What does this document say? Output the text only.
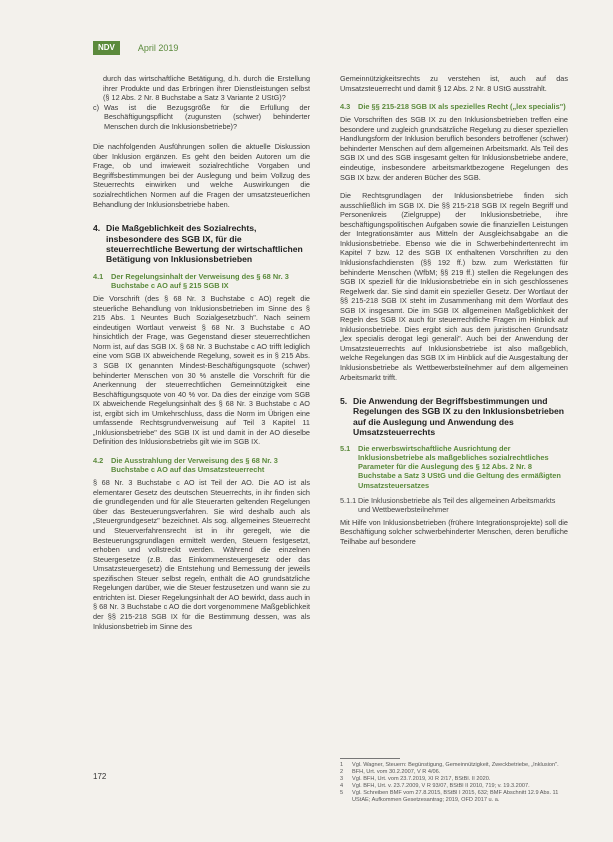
NDV	April 2019

durch das wirtschaftliche Betätigung, d.h. durch die Erstellung ihrer Produkte und das Erbringen ihrer Dienstleistungen selbst (§ 12 Abs. 2 Nr. 8 Buchstabe a Satz 3 Variante 2 UStG)?

c) Was ist die Bezugsgröße für die Erfüllung der Beschäftigungspflicht (zugunsten (schwer) behinderter Menschen durch die Inklusionsbetriebe)?

Die nachfolgenden Ausführungen sollen die aktuelle Diskussion über Inklusion ergänzen. Es geht den beiden Autoren um die Frage, ob und inwieweit sozialrechtliche Vorgaben und Begriffsbestimmungen bei der Auslegung und beim Vollzug des Steuerrechts einwirken und welche Auswirkungen die sozialrechtlichen Normen auf die Fragen der umsatzsteuerlichen Behandlung der Inklusionsbetriebe haben.

4. Die Maßgeblichkeit des Sozialrechts, insbesondere des SGB IX, für die steuerrechtliche Bewertung der wirtschaftlichen Betätigung von Inklusionsbetrieben
4.1	Der Regelungsinhalt der Verweisung des § 68 Nr. 3 Buchstabe c AO auf § 215 SGB IX

Die Vorschrift (des § 68 Nr. 3 Buchstabe c AO) regelt die steuerliche Behandlung von Inklusionsbetrieben im Sinne des § 215 Abs. 1 Neuntes Buch Sozialgesetzbuch". Nach seinem eindeutigen Wortlaut verweist § 68 Nr. 3 Buchstabe c AO hinsichtlich der Frage, was Gegenstand dieser steuerrechtlichen Norm ist, auf das SGB IX. § 68 Nr. 3 Buchstabe c AO trifft lediglich eine vom SGB IX abweichende Regelung, soweit es in § 215 Abs. 3 SGB IX genannten Mindest-Beschäftigungsquote (schwer) behinderter Menschen von 30 % anstelle die Vorschrift für die Anerkennung der steuerrechtlichen Gemeinnützigkeit eine Beschäftigungsquote von 40 % vor. Da dies der einzige vom SGB IX abweichende Regelungsinhalt des § 68 Nr. 3 Buchstabe c AO ist, ergibt sich im Umkehrschluss, dass die Norm im Übrigen eine umfassende Rechtsgrundverweisung auf Teil 3 Kapitel 11 „Inklusionsbetriebe" des SGB IX ist und damit in der AO dieselbe Definition des Inklusionsbetriebs gilt wie im SGB IX.

4.2	Die Ausstrahlung der Verweisung des § 68 Nr. 3 Buchstabe c AO auf das Umsatzsteuerrecht

§ 68 Nr. 3 Buchstabe c AO ist Teil der AO. Die AO ist als elementarer Gesetz des deutschen Steuerrechts, in ihr finden sich die grundlegenden und für alle Steuerarten geltenden Regelungen über das Besteuerungsverfahren. Sie wird deshalb auch als „Steuergrundgesetz" bezeichnet. Als sog. allgemeines Steuerrecht und Steuerverfahrensrecht ist in ihr geregelt, wie die Besteuerungsgrundlagen ermittelt werden, Steuern festgesetzt, erhoben und vollstreckt werden. Während die einzelnen Steuergesetze (z.B. das Einkommensteuergesetz oder das Umsatzsteuergesetz) die Entstehung und Bemessung der jeweils spezifischen Steuer selbst regeln, enthält die AO grundsätzliche Regelungen darüber, wie die Steuer festzusetzen und wann sie zu entrichten ist. Dieser Regelungsinhalt der AO bewirkt, dass auch in § 68 Nr. 3 Buchstabe c AO die dort vorgenommene Maßgeblichkeit der §§ 215-218 SGB IX für die Bestimmung dessen, was als Inklusionsbetrieb im Sinne des

Gemeinnützigkeitsrechts zu verstehen ist, auch auf das Umsatzsteuerrecht und damit § 12 Abs. 2 Nr. 8 UStG ausstrahlt.

4.3	Die §§ 215-218 SGB IX als spezielles Recht („lex specialis")

Die Vorschriften des SGB IX zu den Inklusionsbetrieben treffen eine besondere und zugleich grundsätzliche Regelung zu dieser speziellen Handlungsform der Inklusion beruflich besonders betroffener (schwer) behinderter Menschen auf dem allgemeinen Arbeitsmarkt. Als Teil des SGB IX und des SGB insgesamt gelten für Inklusionsbetriebe andere, eindeutige, insbesondere arbeitsmarktbezogene Regelungen des SGB IX bzw. der anderen Bücher des SGB.

Die Rechtsgrundlagen der Inklusionsbetriebe finden sich ausschließlich im SGB IX. Die §§ 215-218 SGB IX regeln Begriff und Personenkreis (Zielgruppe) der Inklusionsbetriebe, ihre beschäftigungspolitischen Aufgaben sowie die finanziellen Leistungen der Integrationsämter aus Mitteln der Ausgleichsabgabe an die Inklusionsbetriebe. Ebenso wie die in Schwerbehindertenrecht im Kapitel 7 bzw. 12 des SGB IX enthaltenen Vorschriften zu den Inklusionsfachdiensten (§§ 192 ff.) bzw. zum Werkstätten für behinderte Menschen (WfbM; §§ 219 ff.) stellen die Regelungen des SGB IX speziell für die Inklusionsbetriebe ein in sich geschlossenes Regelwerk dar. Sie sind damit ein spezieller Gesetz. Der Wortlaut der §§ 215-218 SGB IX steht im Zusammenhang mit dem Wortlaut des SGB IX insgesamt. Die im SGB IX allgemeinen Maßgeblichkeit der Regeln des SGB IX auch für steuerrechtliche Fragen im Hinblick auf Inklusionsbetriebe. Dies ergibt sich aus dem juristischen Grundsatz „lex specialis derogat legi generali". Auch bei der Anwendung der Umsatzsteuerrechts auf Inklusionsbetriebe ist also maßgeblich, welche Regelungen das SGB IX im Hinblick auf die Ausgestaltung der Inklusionsbetriebe als Wettbewerbsteilnehmer auf dem allgemeinen Arbeitsmarkt trifft.

5. Die Anwendung der Begriffsbestimmungen und Regelungen des SGB IX zu den Inklusionsbetrieben auf die Auslegung und Anwendung des Umsatzsteuerrechts
5.1	Die erwerbswirtschaftliche Ausrichtung der Inklusionsbetriebe als maßgebliches sozialrechtliches Parameter für die Auslegung des § 12 Abs. 2 Nr. 8 Buchstabe a Satz 3 UStG und die Geltung des ermäßigten Umsatzsteuersatzes
5.1.1 Die Inklusionsbetriebe als Teil des allgemeinen Arbeitsmarkts und Wettbewerbsteilnehmer

Mit Hilfe von Inklusionsbetrieben (frühere Integrationsprojekte) soll die Beschäftigung solcher schwerbehinderter Menschen, deren berufliche Teilhabe auf besondere

1	Vgl. Wagner, Steuern: Begünstigung, Gemeinnützigkeit, Zweckbetriebe, „Inklusion".
2	BFH, Urt. vom 30.2.2007, V R 4/06.
3	Vgl. BFH, Urt. vom 23.7.2019, XI R 2/17, BStBl. II 2020.
4	Vgl. BFH, Urt. v. 23.7.2009, V R 93/07, BStBl II 2010, 719; v. 19.3.2007.
5	Vgl. Schreiben BMF vom 27.8.2015, BStBl I 2015, 632; BMF Abschnitt 12.9 Abs. 11 UStAE; Aufkommen Gesetzesantrag; 2019, OFD 2017 u. a.
172
